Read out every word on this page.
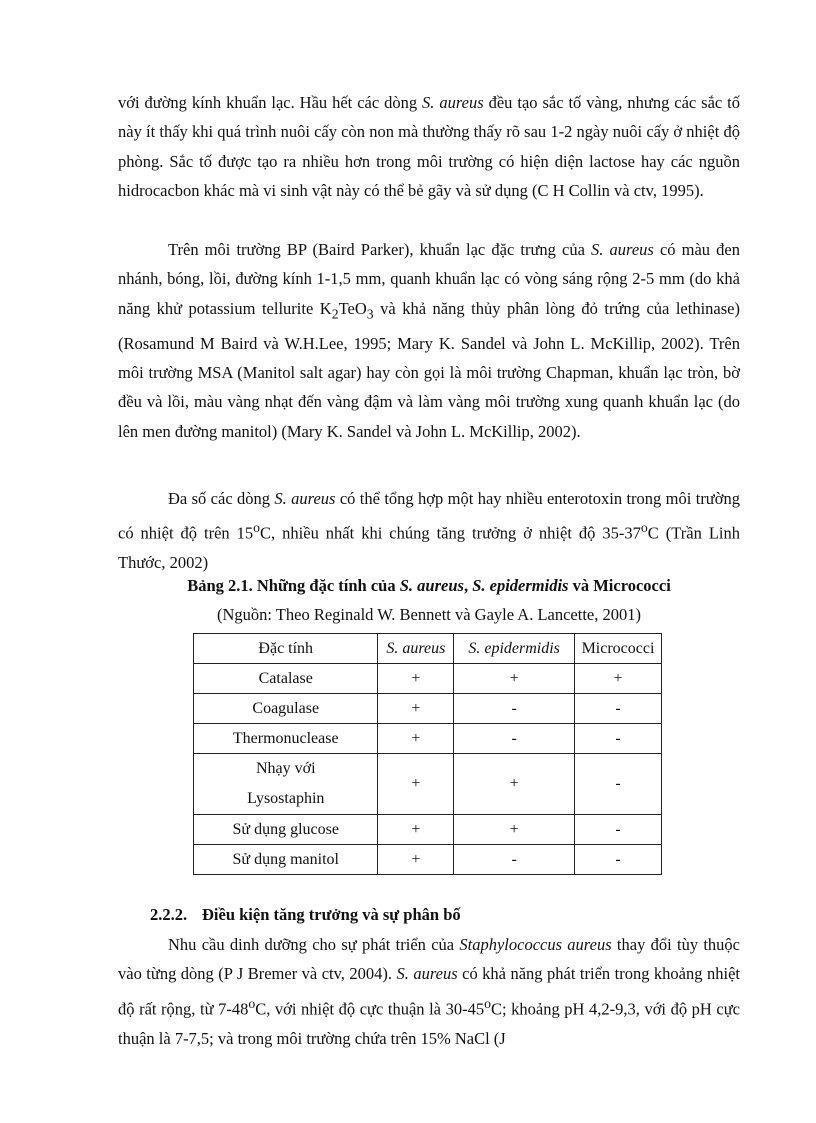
với đường kính khuẩn lạc. Hầu hết các dòng S. aureus đều tạo sắc tố vàng, nhưng các sắc tố này ít thấy khi quá trình nuôi cấy còn non mà thường thấy rõ sau 1-2 ngày nuôi cấy ở nhiệt độ phòng. Sắc tố được tạo ra nhiều hơn trong môi trường có hiện diện lactose hay các nguồn hidrocacbon khác mà vi sinh vật này có thể bẻ gãy và sử dụng (C H Collin và ctv, 1995).

Trên môi trường BP (Baird Parker), khuẩn lạc đặc trưng của S. aureus có màu đen nhánh, bóng, lồi, đường kính 1-1,5 mm, quanh khuẩn lạc có vòng sáng rộng 2-5 mm (do khả năng khử potassium tellurite $K_2TeO_3$ và khả năng thủy phân lòng đỏ trứng của lethinase) (Rosamund M Baird và W.H.Lee, 1995; Mary K. Sandel và John L. McKillip, 2002). Trên môi trường MSA (Manitol salt agar) hay còn gọi là môi trường Chapman, khuẩn lạc tròn, bờ đều và lồi, màu vàng nhạt đến vàng đậm và làm vàng môi trường xung quanh khuẩn lạc (do lên men đường manitol) (Mary K. Sandel và John L. McKillip, 2002).

Đa số các dòng S. aureus có thể tổng hợp một hay nhiều enterotoxin trong môi trường có nhiệt độ trên 15$^o$C, nhiều nhất khi chúng tăng trưởng ở nhiệt độ 35-37$^o$C (Trần Linh Thước, 2002)

Bảng 2.1. Những đặc tính của S. aureus, S. epidermidis và Micrococci

(Nguồn: Theo Reginald W. Bennett và Gayle A. Lancette, 2001)

Đặc tính	S. aureus	S. epidermidis	Micrococci
Catalase	+	+	+
Coagulase	+	-	-
Thermonuclease	+	-	-
Nhạy với
Lysostaphin	+	+	-
Sử dụng glucose	+	+	-
Sử dụng manitol	+	-	-

2.2.2. Điều kiện tăng trưởng và sự phân bố

Nhu cầu dinh dưỡng cho sự phát triển của Staphylococcus aureus thay đổi tùy thuộc vào từng dòng (P J Bremer và ctv, 2004). S. aureus có khả năng phát triển trong khoảng nhiệt độ rất rộng, từ 7-48$^o$C, với nhiệt độ cực thuận là 30-45$^o$C; khoảng pH 4,2-9,3, với độ pH cực thuận là 7-7,5; và trong môi trường chứa trên 15% NaCl (J
